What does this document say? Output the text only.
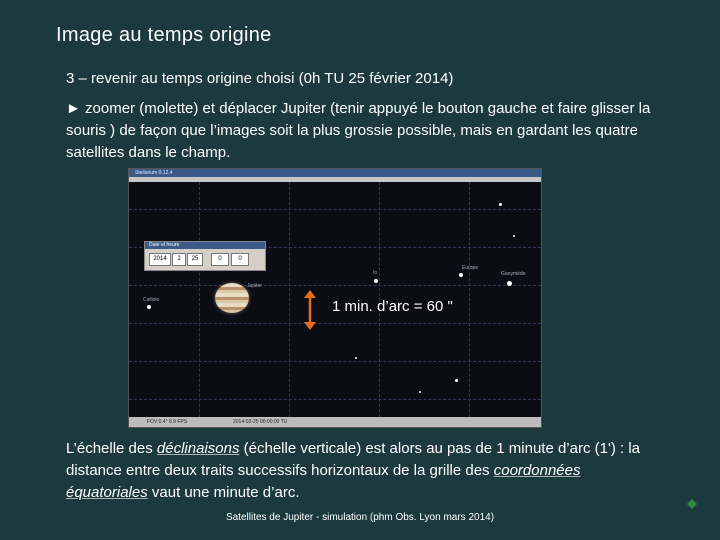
Image au temps origine
3 – revenir au temps origine choisi (0h TU 25 février 2014)
► zoomer (molette) et déplacer Jupiter (tenir appuyé le bouton gauche et faire glisser la souris ) de façon que l’images soit la plus grossie possible, mais en gardant les quatre satellites dans le champ.
Stellarium 0.12.4
Date et heure
2014	2	25	0	0
Jupiter
Callisto
Io
Europe
Ganymède
FOV 0.4° 8.9 FPS	2014-02-25 00:00:00 TU
1 min. d’arc = 60 "
L’échelle des déclinaisons (échelle verticale) est alors au pas de 1 minute d’arc (1') : la distance entre deux traits successifs horizontaux de la grille des coordonnées équatoriales vaut une minute d’arc.
Satellites de Jupiter - simulation (phm Obs. Lyon mars 2014)
